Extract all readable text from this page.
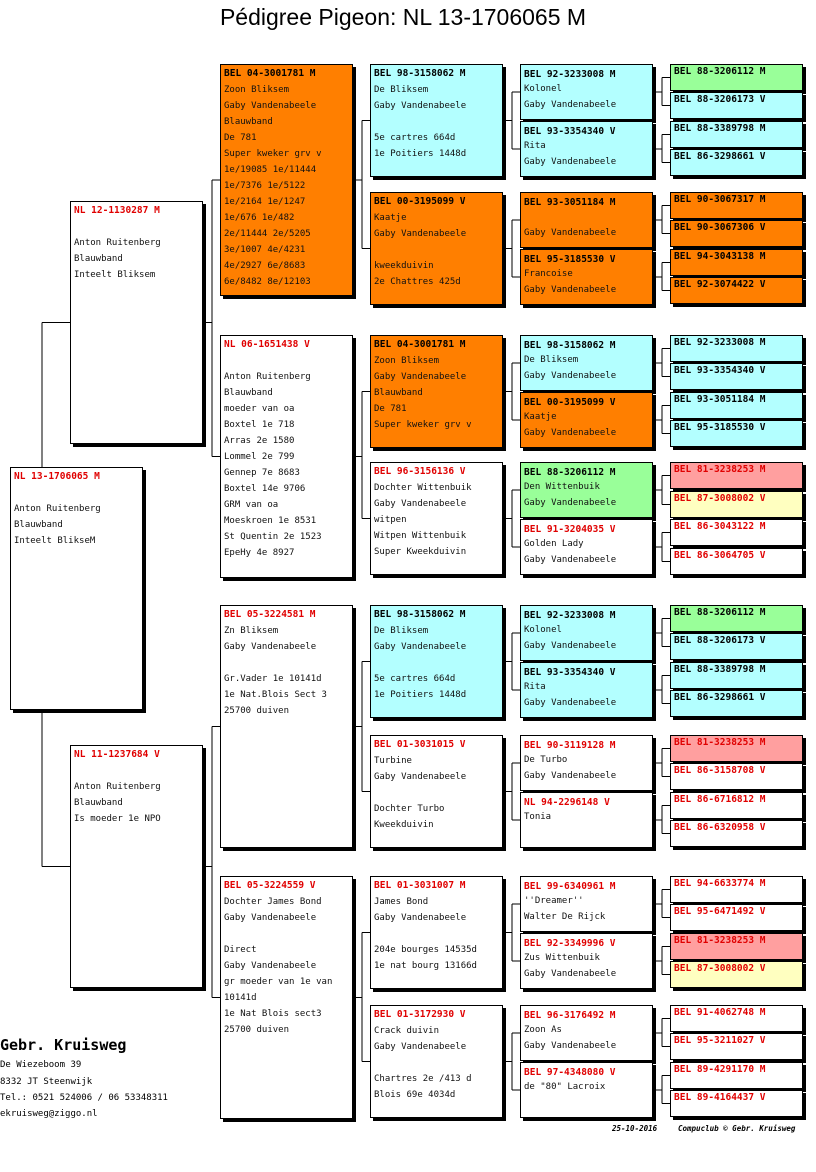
Pédigree Pigeon: NL 13-1706065 M
NL 13-1706065 M
Anton Ruitenberg
Blauwband
Inteelt BlikseM
NL 12-1130287 M
Anton Ruitenberg
Blauwband
Inteelt Bliksem
NL 11-1237684 V
Anton Ruitenberg
Blauwband
Is moeder 1e NPO
BEL 04-3001781 M
Zoon Bliksem
Gaby Vandenabeele
Blauwband
De 781
Super kweker grv v
1e/19085 1e/11444
1e/7376 1e/5122
1e/2164 1e/1247
1e/676 1e/482
2e/11444 2e/5205
3e/1007 4e/4231
4e/2927 6e/8683
6e/8482 8e/12103
NL 06-1651438 V
Anton Ruitenberg
Blauwband
moeder van oa
Boxtel 1e 718
Arras 2e 1580
Lommel 2e 799
Gennep 7e 8683
Boxtel 14e 9706
GRM van oa
Moeskroen 1e 8531
St Quentin 2e 1523
EpeHy 4e 8927
BEL 05-3224581 M
Zn Bliksem
Gaby Vandenabeele
Gr.Vader 1e 10141d
1e Nat.Blois Sect 3
25700 duiven
BEL 05-3224559 V
Dochter James Bond
Gaby Vandenabeele
Direct
Gaby Vandenabeele
gr moeder van 1e van
10141d
1e Nat Blois sect3
25700 duiven
BEL 98-3158062 M
De Bliksem
Gaby Vandenabeele
5e cartres 664d
1e Poitiers 1448d
BEL 00-3195099 V
Kaatje
Gaby Vandenabeele
kweekduivin
2e Chattres 425d
BEL 04-3001781 M
Zoon Bliksem
Gaby Vandenabeele
Blauwband
De 781
Super kweker grv v
BEL 96-3156136 V
Dochter Wittenbuik
Gaby Vandenabeele
witpen
Witpen Wittenbuik
Super Kweekduivin
BEL 98-3158062 M
De Bliksem
Gaby Vandenabeele
5e cartres 664d
1e Poitiers 1448d
BEL 01-3031015 V
Turbine
Gaby Vandenabeele
Dochter Turbo
Kweekduivin
BEL 01-3031007 M
James Bond
Gaby Vandenabeele
204e bourges 14535d
1e nat bourg 13166d
BEL 01-3172930 V
Crack duivin
Gaby Vandenabeele
Chartres 2e /413 d
Blois 69e 4034d
BEL 92-3233008 M
Kolonel
Gaby Vandenabeele
BEL 93-3354340 V
Rita
Gaby Vandenabeele
BEL 93-3051184 M
Gaby Vandenabeele
BEL 95-3185530 V
Francoise
Gaby Vandenabeele
BEL 98-3158062 M
De Bliksem
Gaby Vandenabeele
BEL 00-3195099 V
Kaatje
Gaby Vandenabeele
BEL 88-3206112 M
Den Wittenbuik
Gaby Vandenabeele
BEL 91-3204035 V
Golden Lady
Gaby Vandenabeele
BEL 92-3233008 M
Kolonel
Gaby Vandenabeele
BEL 93-3354340 V
Rita
Gaby Vandenabeele
BEL 90-3119128 M
De Turbo
Gaby Vandenabeele
NL 94-2296148 V
Tonia
BEL 99-6340961 M
''Dreamer''
Walter De Rijck
BEL 92-3349996 V
Zus Wittenbuik
Gaby Vandenabeele
BEL 96-3176492 M
Zoon As
Gaby Vandenabeele
BEL 97-4348080 V
de "80" Lacroix
BEL 88-3206112 M
BEL 88-3206173 V
BEL 88-3389798 M
BEL 86-3298661 V
BEL 90-3067317 M
BEL 90-3067306 V
BEL 94-3043138 M
BEL 92-3074422 V
BEL 92-3233008 M
BEL 93-3354340 V
BEL 93-3051184 M
BEL 95-3185530 V
BEL 81-3238253 M
BEL 87-3008002 V
BEL 86-3043122 M
BEL 86-3064705 V
BEL 88-3206112 M
BEL 88-3206173 V
BEL 88-3389798 M
BEL 86-3298661 V
BEL 81-3238253 M
BEL 86-3158708 V
BEL 86-6716812 M
BEL 86-6320958 V
BEL 94-6633774 M
BEL 95-6471492 V
BEL 81-3238253 M
BEL 87-3008002 V
BEL 91-4062748 M
BEL 95-3211027 V
BEL 89-4291170 M
BEL 89-4164437 V
Gebr. Kruisweg
De Wiezeboom 39
8332 JT Steenwijk
Tel.: 0521 524006 / 06 53348311
ekruisweg@ziggo.nl
25-10-2016	Compuclub © Gebr. Kruisweg
